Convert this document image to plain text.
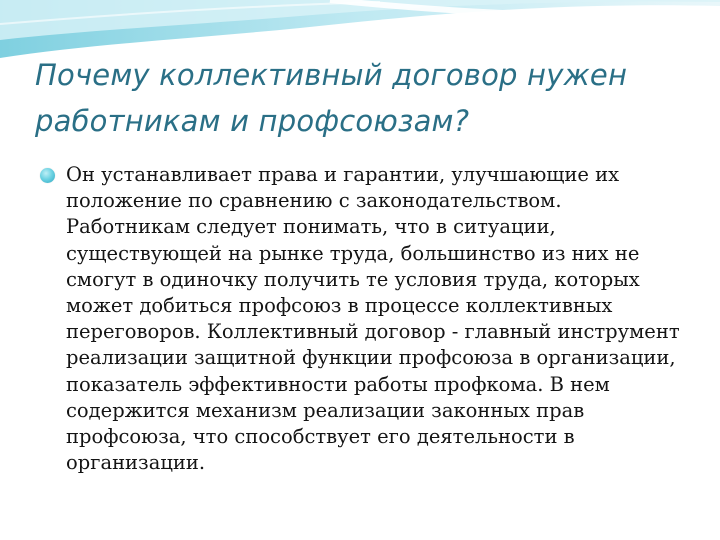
Почему коллективный договор нужен работникам и профсоюзам?

Он устанавливает права и гарантии, улучшающие их положение по сравнению с законодательством. Работникам следует понимать, что в ситуации, существующей на рынке труда, большинство из них не смогут в одиночку получить те условия труда, которых может добиться профсоюз в процессе коллективных переговоров. Коллективный договор - главный инструмент реализации защитной функции профсоюза в организации, показатель эффективности работы профкома. В нем содержится механизм реализации законных прав профсоюза, что способствует его деятельности в организации.
